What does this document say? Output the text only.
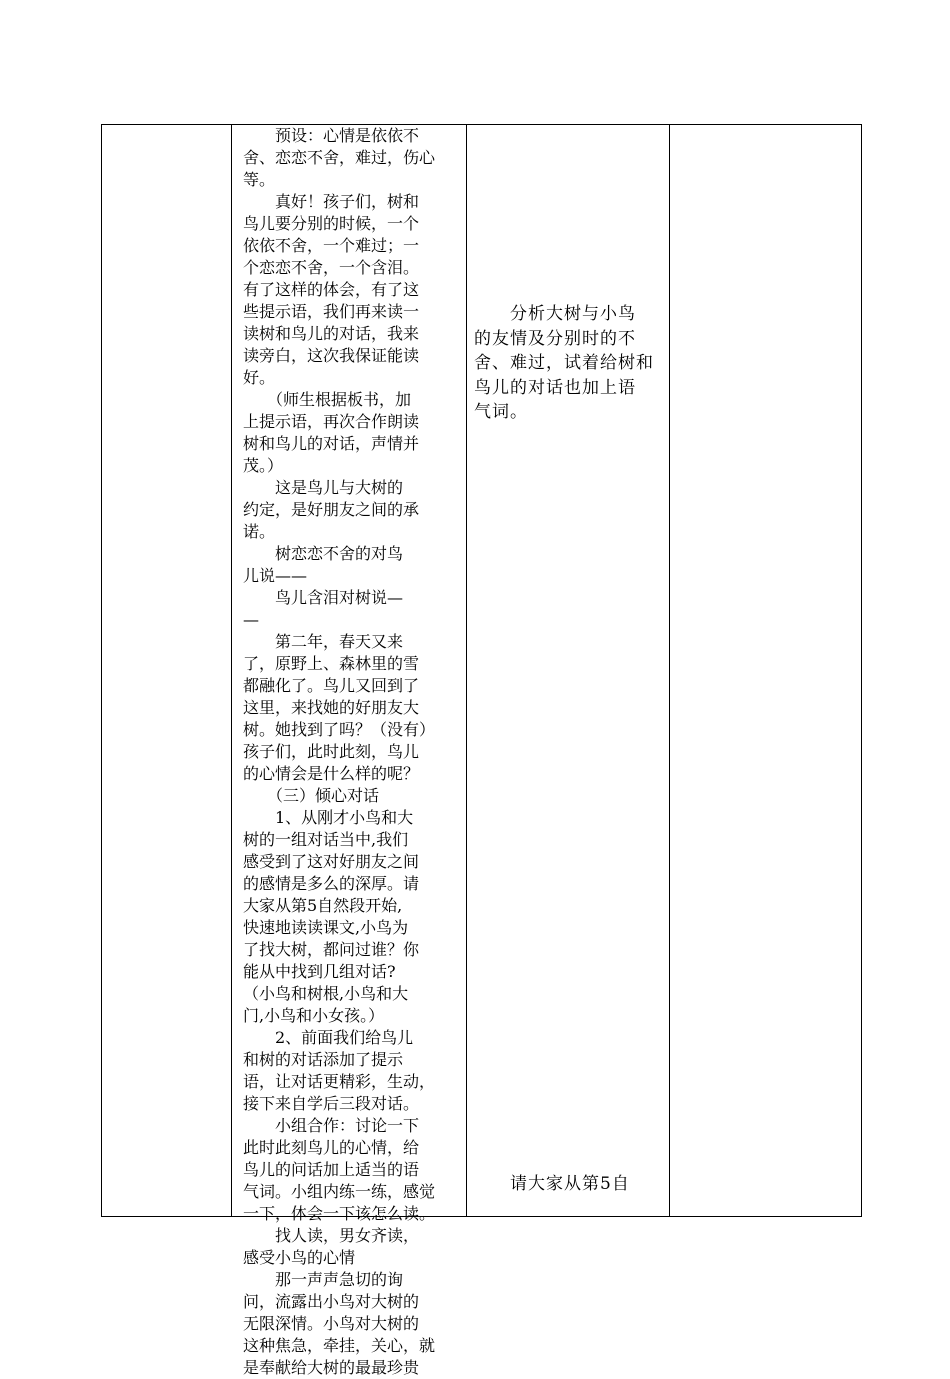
　　预设：心情是依依不
舍、恋恋不舍，难过，伤心
等。
　　真好！孩子们，树和
鸟儿要分别的时候，一个
依依不舍，一个难过；一
个恋恋不舍，一个含泪。
有了这样的体会，有了这
些提示语，我们再来读一
读树和鸟儿的对话，我来
读旁白，这次我保证能读
好。
　　（师生根据板书，加
上提示语，再次合作朗读
树和鸟儿的对话，声情并
茂。）
　　这是鸟儿与大树的
约定，是好朋友之间的承
诺。
　　树恋恋不舍的对鸟
儿说——
　　鸟儿含泪对树说—
—
　　第二年，春天又来
了，原野上、森林里的雪
都融化了。鸟儿又回到了
这里，来找她的好朋友大
树。她找到了吗？（没有）
孩子们，此时此刻，鸟儿
的心情会是什么样的呢？
　　（三）倾心对话
　　1、从刚才小鸟和大
树的一组对话当中,我们
感受到了这对好朋友之间
的感情是多么的深厚。请
大家从第5自然段开始,
快速地读读课文,小鸟为
了找大树，都问过谁？你
能从中找到几组对话?
（小鸟和树根,小鸟和大
门,小鸟和小女孩。）
　　2、前面我们给鸟儿
和树的对话添加了提示
语，让对话更精彩，生动，
接下来自学后三段对话。
　　小组合作：讨论一下
此时此刻鸟儿的心情，给
鸟儿的问话加上适当的语
气词。小组内练一练，感觉
一下，体会一下该怎么读。
　　找人读，男女齐读，
感受小鸟的心情
　　那一声声急切的询
问，流露出小鸟对大树的
无限深情。小鸟对大树的
这种焦急，牵挂，关心，就
是奉献给大树的最最珍贵
　　分析大树与小鸟
的友情及分别时的不
舍、难过，试着给树和
鸟儿的对话也加上语
气词。
　　请大家从第5自
